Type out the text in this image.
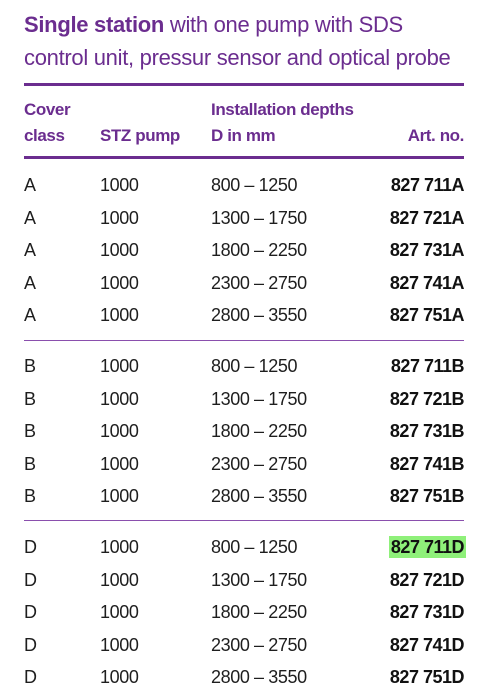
Single station with one pump with SDS
control unit, pressur sensor and optical probe
Cover
class	STZ pump
Installation depths
D in mm	Art. no.
A	1000	800 – 1250	827 711A
A	1000	1300 – 1750	827 721A
A	1000	1800 – 2250	827 731A
A	1000	2300 – 2750	827 741A
A	1000	2800 – 3550	827 751A
B	1000	800 – 1250	827 711B
B	1000	1300 – 1750	827 721B
B	1000	1800 – 2250	827 731B
B	1000	2300 – 2750	827 741B
B	1000	2800 – 3550	827 751B
D	1000	800 – 1250	827 711D
D	1000	1300 – 1750	827 721D
D	1000	1800 – 2250	827 731D
D	1000	2300 – 2750	827 741D
D	1000	2800 – 3550	827 751D
